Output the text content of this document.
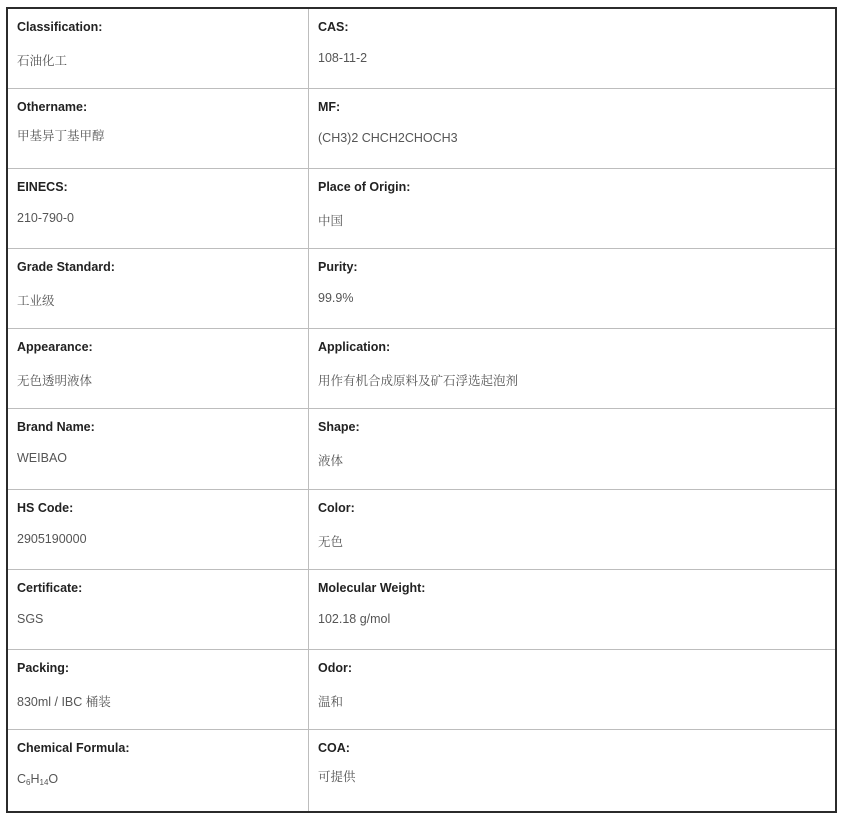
Classification:
石油化工	CAS:
108-11-2

Othername:
甲基异丁基甲醇	MF:
(CH3)2 CHCH2CHOCH3

EINECS:
210-790-0	Place of Origin:
中国

Grade Standard:
工业级	Purity:
99.9%

Appearance:
无色透明液体	Application:
用作有机合成原料及矿石浮选起泡剂

Brand Name:
WEIBAO	Shape:
液体

HS Code:
2905190000	Color:
无色

Certificate:
SGS	Molecular Weight:
102.18 g/mol

Packing:
830ml / IBC 桶装	Odor:
温和

Chemical Formula:
$C_6H_{14}O$	COA:
可提供
